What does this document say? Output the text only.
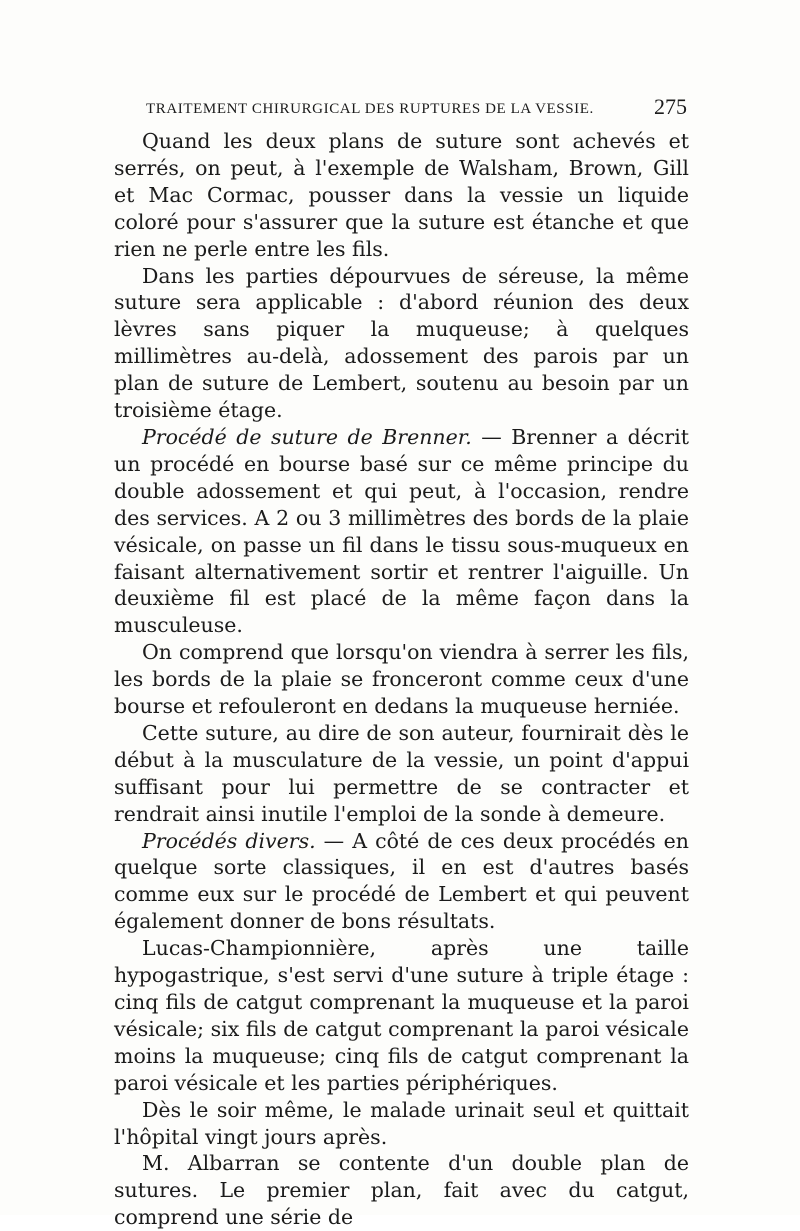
TRAITEMENT CHIRURGICAL DES RUPTURES DE LA VESSIE.	275

Quand les deux plans de suture sont achevés et serrés, on peut, à l'exemple de Walsham, Brown, Gill et Mac Cormac, pousser dans la vessie un liquide coloré pour s'assurer que la suture est étanche et que rien ne perle entre les fils.

Dans les parties dépourvues de séreuse, la même suture sera applicable : d'abord réunion des deux lèvres sans piquer la muqueuse; à quelques millimètres au-delà, adossement des parois par un plan de suture de Lembert, soutenu au besoin par un troisième étage.

Procédé de suture de Brenner. — Brenner a décrit un procédé en bourse basé sur ce même principe du double adossement et qui peut, à l'occasion, rendre des services. A 2 ou 3 millimètres des bords de la plaie vésicale, on passe un fil dans le tissu sous-muqueux en faisant alternativement sortir et rentrer l'aiguille. Un deuxième fil est placé de la même façon dans la musculeuse.

On comprend que lorsqu'on viendra à serrer les fils, les bords de la plaie se fronceront comme ceux d'une bourse et refouleront en dedans la muqueuse herniée.

Cette suture, au dire de son auteur, fournirait dès le début à la musculature de la vessie, un point d'appui suffisant pour lui permettre de se contracter et rendrait ainsi inutile l'emploi de la sonde à demeure.

Procédés divers. — A côté de ces deux procédés en quelque sorte classiques, il en est d'autres basés comme eux sur le procédé de Lembert et qui peuvent également donner de bons résultats.

Lucas-Championnière, après une taille hypogastrique, s'est servi d'une suture à triple étage : cinq fils de catgut comprenant la muqueuse et la paroi vésicale; six fils de catgut comprenant la paroi vésicale moins la muqueuse; cinq fils de catgut comprenant la paroi vésicale et les parties périphériques.

Dès le soir même, le malade urinait seul et quittait l'hôpital vingt jours après.

M. Albarran se contente d'un double plan de sutures. Le premier plan, fait avec du catgut, comprend une série de
